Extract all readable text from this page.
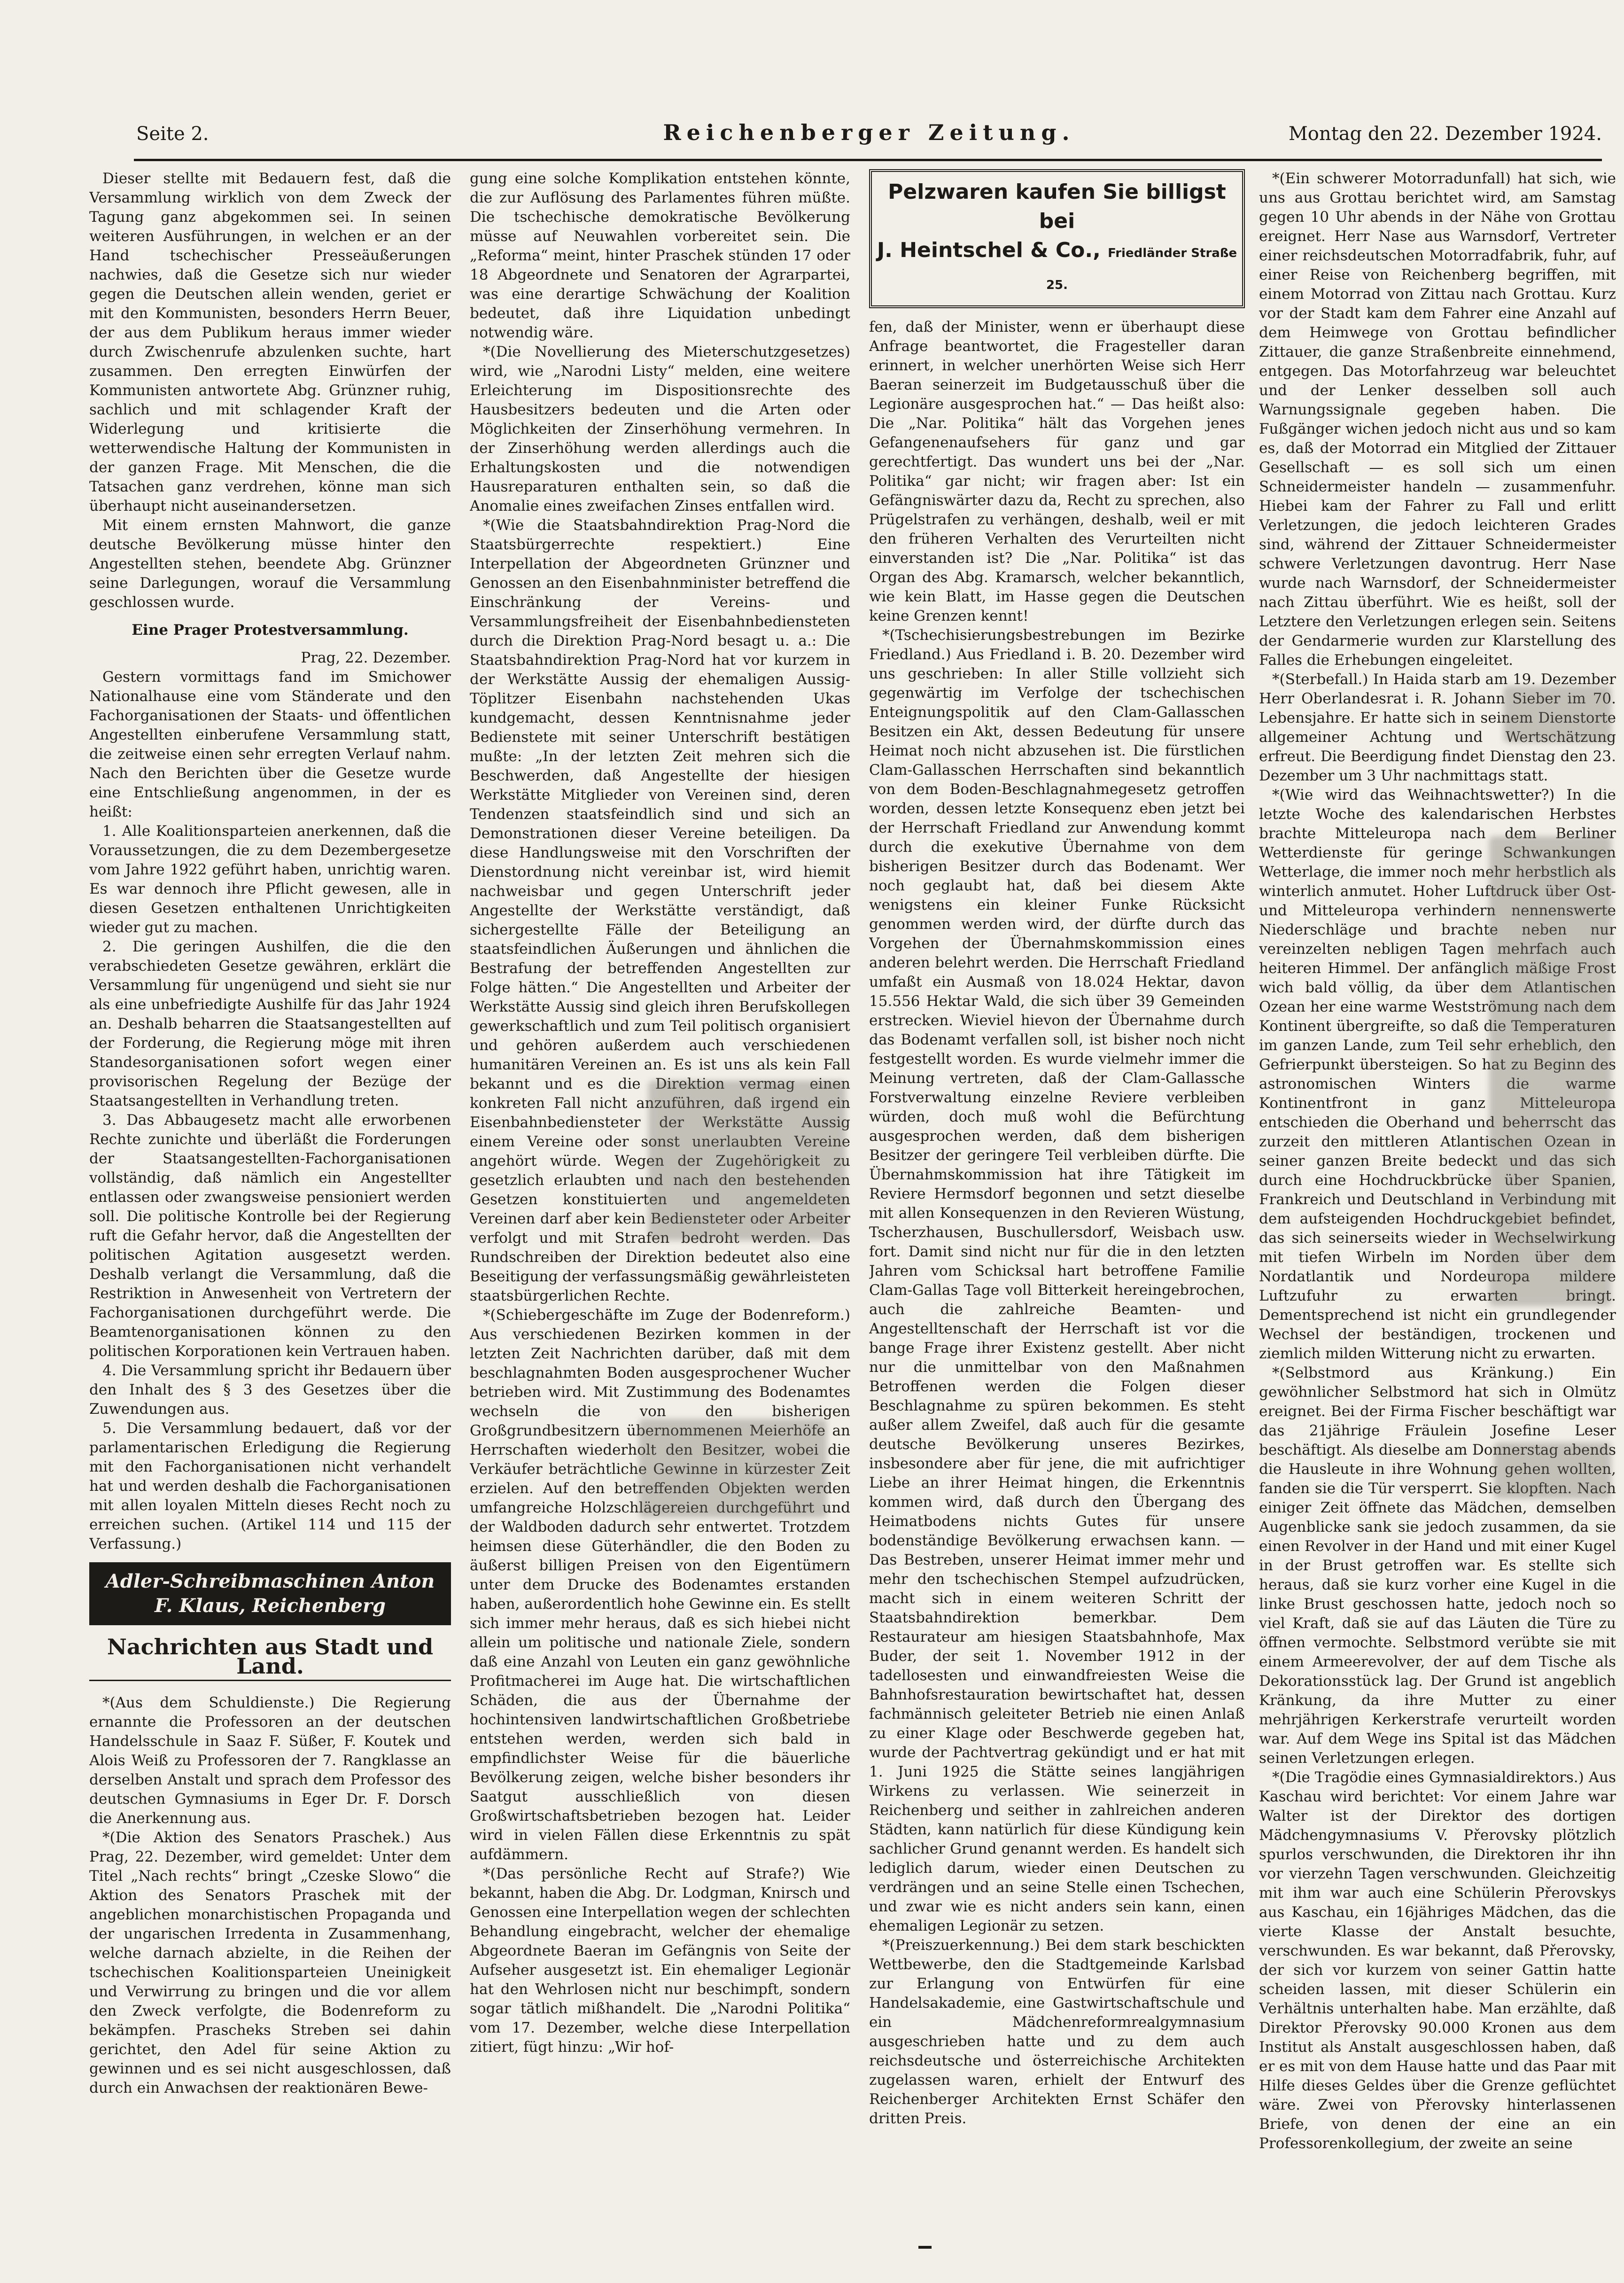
Seite 2.	Reichenberger Zeitung.	Montag den 22. Dezember 1924.

Dieser stellte mit Bedauern fest, daß die Versammlung wirklich von dem Zweck der Tagung ganz abgekommen sei. In seinen weiteren Ausführungen, in welchen er an der Hand tschechischer Presseäußerungen nachwies, daß die Gesetze sich nur wieder gegen die Deutschen allein wenden, geriet er mit den Kommunisten, besonders Herrn Beuer, der aus dem Publikum heraus immer wieder durch Zwischenrufe abzulenken suchte, hart zusammen. Den erregten Einwürfen der Kommunisten antwortete Abg. Grünzner ruhig, sachlich und mit schlagender Kraft der Widerlegung und kritisierte die wetterwendische Haltung der Kommunisten in der ganzen Frage. Mit Menschen, die die Tatsachen ganz verdrehen, könne man sich überhaupt nicht auseinandersetzen.

Mit einem ernsten Mahnwort, die ganze deutsche Bevölkerung müsse hinter den Angestellten stehen, beendete Abg. Grünzner seine Darlegungen, worauf die Versammlung geschlossen wurde.

Eine Prager Protestversammlung.

Prag, 22. Dezember.

Gestern vormittags fand im Smichower Nationalhause eine vom Ständerate und den Fachorganisationen der Staats- und öffentlichen Angestellten einberufene Versammlung statt, die zeitweise einen sehr erregten Verlauf nahm. Nach den Berichten über die Gesetze wurde eine Entschließung angenommen, in der es heißt:

1. Alle Koalitionsparteien anerkennen, daß die Voraussetzungen, die zu dem Dezembergesetze vom Jahre 1922 geführt haben, unrichtig waren. Es war dennoch ihre Pflicht gewesen, alle in diesen Gesetzen enthaltenen Unrichtigkeiten wieder gut zu machen.

2. Die geringen Aushilfen, die die den verabschiedeten Gesetze gewähren, erklärt die Versammlung für ungenügend und sieht sie nur als eine unbefriedigte Aushilfe für das Jahr 1924 an. Deshalb beharren die Staatsangestellten auf der Forderung, die Regierung möge mit ihren Standesorganisationen sofort wegen einer provisorischen Regelung der Bezüge der Staatsangestellten in Verhandlung treten.

3. Das Abbaugesetz macht alle erworbenen Rechte zunichte und überläßt die Forderungen der Staatsangestellten-Fachorganisationen vollständig, daß nämlich ein Angestellter entlassen oder zwangsweise pensioniert werden soll. Die politische Kontrolle bei der Regierung ruft die Gefahr hervor, daß die Angestellten der politischen Agitation ausgesetzt werden. Deshalb verlangt die Versammlung, daß die Restriktion in Anwesenheit von Vertretern der Fachorganisationen durchgeführt werde. Die Beamtenorganisationen können zu den politischen Korporationen kein Vertrauen haben.

4. Die Versammlung spricht ihr Bedauern über den Inhalt des § 3 des Gesetzes über die Zuwendungen aus.

5. Die Versammlung bedauert, daß vor der parlamentarischen Erledigung die Regierung mit den Fachorganisationen nicht verhandelt hat und werden deshalb die Fachorganisationen mit allen loyalen Mitteln dieses Recht noch zu erreichen suchen. (Artikel 114 und 115 der Verfassung.)

Adler-Schreibmaschinen Anton F. Klaus, Reichenberg
Nachrichten aus Stadt und Land.

*(Aus dem Schuldienste.) Die Regierung ernannte die Professoren an der deutschen Handelsschule in Saaz F. Süßer, F. Koutek und Alois Weiß zu Professoren der 7. Rangklasse an derselben Anstalt und sprach dem Professor des deutschen Gymnasiums in Eger Dr. F. Dorsch die Anerkennung aus.

*(Die Aktion des Senators Praschek.) Aus Prag, 22. Dezember, wird gemeldet: Unter dem Titel „Nach rechts“ bringt „Czeske Slowo“ die Aktion des Senators Praschek mit der angeblichen monarchistischen Propaganda und der ungarischen Irredenta in Zusammenhang, welche darnach abzielte, in die Reihen der tschechischen Koalitionsparteien Uneinigkeit und Verwirrung zu bringen und die vor allem den Zweck verfolgte, die Bodenreform zu bekämpfen. Prascheks Streben sei dahin gerichtet, den Adel für seine Aktion zu gewinnen und es sei nicht ausgeschlossen, daß durch ein Anwachsen der reaktionären Bewe-

gung eine solche Komplikation entstehen könnte, die zur Auflösung des Parlamentes führen müßte. Die tschechische demokratische Bevölkerung müsse auf Neuwahlen vorbereitet sein. Die „Reforma“ meint, hinter Praschek stünden 17 oder 18 Abgeordnete und Senatoren der Agrarpartei, was eine derartige Schwächung der Koalition bedeutet, daß ihre Liquidation unbedingt notwendig wäre.

*(Die Novellierung des Mieterschutzgesetzes) wird, wie „Narodni Listy“ melden, eine weitere Erleichterung im Dispositionsrechte des Hausbesitzers bedeuten und die Arten oder Möglichkeiten der Zinserhöhung vermehren. In der Zinserhöhung werden allerdings auch die Erhaltungskosten und die notwendigen Hausreparaturen enthalten sein, so daß die Anomalie eines zweifachen Zinses entfallen wird.

*(Wie die Staatsbahndirektion Prag-Nord die Staatsbürgerrechte respektiert.) Eine Interpellation der Abgeordneten Grünzner und Genossen an den Eisenbahnminister betreffend die Einschränkung der Vereins- und Versammlungsfreiheit der Eisenbahnbediensteten durch die Direktion Prag-Nord besagt u. a.: Die Staatsbahndirektion Prag-Nord hat vor kurzem in der Werkstätte Aussig der ehemaligen Aussig-Töplitzer Eisenbahn nachstehenden Ukas kundgemacht, dessen Kenntnisnahme jeder Bedienstete mit seiner Unterschrift bestätigen mußte: „In der letzten Zeit mehren sich die Beschwerden, daß Angestellte der hiesigen Werkstätte Mitglieder von Vereinen sind, deren Tendenzen staatsfeindlich sind und sich an Demonstrationen dieser Vereine beteiligen. Da diese Handlungsweise mit den Vorschriften der Dienstordnung nicht vereinbar ist, wird hiemit nachweisbar und gegen Unterschrift jeder Angestellte der Werkstätte verständigt, daß sichergestellte Fälle der Beteiligung an staatsfeindlichen Äußerungen und ähnlichen die Bestrafung der betreffenden Angestellten zur Folge hätten.“ Die Angestellten und Arbeiter der Werkstätte Aussig sind gleich ihren Berufskollegen gewerkschaftlich und zum Teil politisch organisiert und gehören außerdem auch verschiedenen humanitären Vereinen an. Es ist uns als kein Fall bekannt und es die Direktion vermag einen konkreten Fall nicht anzuführen, daß irgend ein Eisenbahnbediensteter der Werkstätte Aussig einem Vereine oder sonst unerlaubten Vereine angehört würde. Wegen der Zugehörigkeit zu gesetzlich erlaubten und nach den bestehenden Gesetzen konstituierten und angemeldeten Vereinen darf aber kein Bediensteter oder Arbeiter verfolgt und mit Strafen bedroht werden. Das Rundschreiben der Direktion bedeutet also eine Beseitigung der verfassungsmäßig gewährleisteten staatsbürgerlichen Rechte.

*(Schiebergeschäfte im Zuge der Bodenreform.) Aus verschiedenen Bezirken kommen in der letzten Zeit Nachrichten darüber, daß mit dem beschlagnahmten Boden ausgesprochener Wucher betrieben wird. Mit Zustimmung des Bodenamtes wechseln die von den bisherigen Großgrundbesitzern übernommenen Meierhöfe an Herrschaften wiederholt den Besitzer, wobei die Verkäufer beträchtliche Gewinne in kürzester Zeit erzielen. Auf den betreffenden Objekten werden umfangreiche Holzschlägereien durchgeführt und der Waldboden dadurch sehr entwertet. Trotzdem heimsen diese Güterhändler, die den Boden zu äußerst billigen Preisen von den Eigentümern unter dem Drucke des Bodenamtes erstanden haben, außerordentlich hohe Gewinne ein. Es stellt sich immer mehr heraus, daß es sich hiebei nicht allein um politische und nationale Ziele, sondern daß eine Anzahl von Leuten ein ganz gewöhnliche Profitmacherei im Auge hat. Die wirtschaftlichen Schäden, die aus der Übernahme der hochintensiven landwirtschaftlichen Großbetriebe entstehen werden, werden sich bald in empfindlichster Weise für die bäuerliche Bevölkerung zeigen, welche bisher besonders ihr Saatgut ausschließlich von diesen Großwirtschaftsbetrieben bezogen hat. Leider wird in vielen Fällen diese Erkenntnis zu spät aufdämmern.

*(Das persönliche Recht auf Strafe?) Wie bekannt, haben die Abg. Dr. Lodgman, Knirsch und Genossen eine Interpellation wegen der schlechten Behandlung eingebracht, welcher der ehemalige Abgeordnete Baeran im Gefängnis von Seite der Aufseher ausgesetzt ist. Ein ehemaliger Legionär hat den Wehrlosen nicht nur beschimpft, sondern sogar tätlich mißhandelt. Die „Narodni Politika“ vom 17. Dezember, welche diese Interpellation zitiert, fügt hinzu: „Wir hof-

Pelzwaren kaufen Sie billigst bei
J. Heintschel & Co., Friedländer Straße 25.

fen, daß der Minister, wenn er überhaupt diese Anfrage beantwortet, die Fragesteller daran erinnert, in welcher unerhörten Weise sich Herr Baeran seinerzeit im Budgetausschuß über die Legionäre ausgesprochen hat.“ — Das heißt also: Die „Nar. Politika“ hält das Vorgehen jenes Gefangenenaufsehers für ganz und gar gerechtfertigt. Das wundert uns bei der „Nar. Politika“ gar nicht; wir fragen aber: Ist ein Gefängniswärter dazu da, Recht zu sprechen, also Prügelstrafen zu verhängen, deshalb, weil er mit den früheren Verhalten des Verurteilten nicht einverstanden ist? Die „Nar. Politika“ ist das Organ des Abg. Kramarsch, welcher bekanntlich, wie kein Blatt, im Hasse gegen die Deutschen keine Grenzen kennt!

*(Tschechisierungsbestrebungen im Bezirke Friedland.) Aus Friedland i. B. 20. Dezember wird uns geschrieben: In aller Stille vollzieht sich gegenwärtig im Verfolge der tschechischen Enteignungspolitik auf den Clam-Gallasschen Besitzen ein Akt, dessen Bedeutung für unsere Heimat noch nicht abzusehen ist. Die fürstlichen Clam-Gallasschen Herrschaften sind bekanntlich von dem Boden-Beschlagnahmegesetz getroffen worden, dessen letzte Konsequenz eben jetzt bei der Herrschaft Friedland zur Anwendung kommt durch die exekutive Übernahme von dem bisherigen Besitzer durch das Bodenamt. Wer noch geglaubt hat, daß bei diesem Akte wenigstens ein kleiner Funke Rücksicht genommen werden wird, der dürfte durch das Vorgehen der Übernahmskommission eines anderen belehrt werden. Die Herrschaft Friedland umfaßt ein Ausmaß von 18.024 Hektar, davon 15.556 Hektar Wald, die sich über 39 Gemeinden erstrecken. Wieviel hievon der Übernahme durch das Bodenamt verfallen soll, ist bisher noch nicht festgestellt worden. Es wurde vielmehr immer die Meinung vertreten, daß der Clam-Gallassche Forstverwaltung einzelne Reviere verbleiben würden, doch muß wohl die Befürchtung ausgesprochen werden, daß dem bisherigen Besitzer der geringere Teil verbleiben dürfte. Die Übernahmskommission hat ihre Tätigkeit im Reviere Hermsdorf begonnen und setzt dieselbe mit allen Konsequenzen in den Revieren Wüstung, Tscherzhausen, Buschullersdorf, Weisbach usw. fort. Damit sind nicht nur für die in den letzten Jahren vom Schicksal hart betroffene Familie Clam-Gallas Tage voll Bitterkeit hereingebrochen, auch die zahlreiche Beamten- und Angestelltenschaft der Herrschaft ist vor die bange Frage ihrer Existenz gestellt. Aber nicht nur die unmittelbar von den Maßnahmen Betroffenen werden die Folgen dieser Beschlagnahme zu spüren bekommen. Es steht außer allem Zweifel, daß auch für die gesamte deutsche Bevölkerung unseres Bezirkes, insbesondere aber für jene, die mit aufrichtiger Liebe an ihrer Heimat hingen, die Erkenntnis kommen wird, daß durch den Übergang des Heimatbodens nichts Gutes für unsere bodenständige Bevölkerung erwachsen kann. — Das Bestreben, unserer Heimat immer mehr und mehr den tschechischen Stempel aufzudrücken, macht sich in einem weiteren Schritt der Staatsbahndirektion bemerkbar. Dem Restaurateur am hiesigen Staatsbahnhofe, Max Buder, der seit 1. November 1912 in der tadellosesten und einwandfreiesten Weise die Bahnhofsrestauration bewirtschaftet hat, dessen fachmännisch geleiteter Betrieb nie einen Anlaß zu einer Klage oder Beschwerde gegeben hat, wurde der Pachtvertrag gekündigt und er hat mit 1. Juni 1925 die Stätte seines langjährigen Wirkens zu verlassen. Wie seinerzeit in Reichenberg und seither in zahlreichen anderen Städten, kann natürlich für diese Kündigung kein sachlicher Grund genannt werden. Es handelt sich lediglich darum, wieder einen Deutschen zu verdrängen und an seine Stelle einen Tschechen, und zwar wie es nicht anders sein kann, einen ehemaligen Legionär zu setzen.

*(Preiszuerkennung.) Bei dem stark beschickten Wettbewerbe, den die Stadtgemeinde Karlsbad zur Erlangung von Entwürfen für eine Handelsakademie, eine Gastwirtschaftschule und ein Mädchenreformrealgymnasium ausgeschrieben hatte und zu dem auch reichsdeutsche und österreichische Architekten zugelassen waren, erhielt der Entwurf des Reichenberger Architekten Ernst Schäfer den dritten Preis.

*(Ein schwerer Motorradunfall) hat sich, wie uns aus Grottau berichtet wird, am Samstag gegen 10 Uhr abends in der Nähe von Grottau ereignet. Herr Nase aus Warnsdorf, Vertreter einer reichsdeutschen Motorradfabrik, fuhr, auf einer Reise von Reichenberg begriffen, mit einem Motorrad von Zittau nach Grottau. Kurz vor der Stadt kam dem Fahrer eine Anzahl auf dem Heimwege von Grottau befindlicher Zittauer, die ganze Straßenbreite einnehmend, entgegen. Das Motorfahrzeug war beleuchtet und der Lenker desselben soll auch Warnungssignale gegeben haben. Die Fußgänger wichen jedoch nicht aus und so kam es, daß der Motorrad ein Mitglied der Zittauer Gesellschaft — es soll sich um einen Schneidermeister handeln — zusammenfuhr. Hiebei kam der Fahrer zu Fall und erlitt Verletzungen, die jedoch leichteren Grades sind, während der Zittauer Schneidermeister schwere Verletzungen davontrug. Herr Nase wurde nach Warnsdorf, der Schneidermeister nach Zittau überführt. Wie es heißt, soll der Letztere den Verletzungen erlegen sein. Seitens der Gendarmerie wurden zur Klarstellung des Falles die Erhebungen eingeleitet.

*(Sterbefall.) In Haida starb am 19. Dezember Herr Oberlandesrat i. R. Johann Sieber im 70. Lebensjahre. Er hatte sich in seinem Dienstorte allgemeiner Achtung und Wertschätzung erfreut. Die Beerdigung findet Dienstag den 23. Dezember um 3 Uhr nachmittags statt.

*(Wie wird das Weihnachtswetter?) In die letzte Woche des kalendarischen Herbstes brachte Mitteleuropa nach dem Berliner Wetterdienste für geringe Schwankungen Wetterlage, die immer noch mehr herbstlich als winterlich anmutet. Hoher Luftdruck über Ost- und Mitteleuropa verhindern nennenswerte Niederschläge und brachte neben nur vereinzelten nebligen Tagen mehrfach auch heiteren Himmel. Der anfänglich mäßige Frost wich bald völlig, da über dem Atlantischen Ozean her eine warme Westströmung nach dem Kontinent übergreifte, so daß die Temperaturen im ganzen Lande, zum Teil sehr erheblich, den Gefrierpunkt übersteigen. So hat zu Beginn des astronomischen Winters die warme Kontinentfront in ganz Mitteleuropa entschieden die Oberhand und beherrscht das zurzeit den mittleren Atlantischen Ozean in seiner ganzen Breite bedeckt und das sich durch eine Hochdruckbrücke über Spanien, Frankreich und Deutschland in Verbindung mit dem aufsteigenden Hochdruckgebiet befindet, das sich seinerseits wieder in Wechselwirkung mit tiefen Wirbeln im Norden über dem Nordatlantik und Nordeuropa mildere Luftzufuhr zu erwarten bringt. Dementsprechend ist nicht ein grundlegender Wechsel der beständigen, trockenen und ziemlich milden Witterung nicht zu erwarten.

*(Selbstmord aus Kränkung.) Ein gewöhnlicher Selbstmord hat sich in Olmütz ereignet. Bei der Firma Fischer beschäftigt war das 21jährige Fräulein Josefine Leser beschäftigt. Als dieselbe am Donnerstag abends die Hausleute in ihre Wohnung gehen wollten, fanden sie die Tür versperrt. Sie klopften. Nach einiger Zeit öffnete das Mädchen, demselben Augenblicke sank sie jedoch zusammen, da sie einen Revolver in der Hand und mit einer Kugel in der Brust getroffen war. Es stellte sich heraus, daß sie kurz vorher eine Kugel in die linke Brust geschossen hatte, jedoch noch so viel Kraft, daß sie auf das Läuten die Türe zu öffnen vermochte. Selbstmord verübte sie mit einem Armeerevolver, der auf dem Tische als Dekorationsstück lag. Der Grund ist angeblich Kränkung, da ihre Mutter zu einer mehrjährigen Kerkerstrafe verurteilt worden war. Auf dem Wege ins Spital ist das Mädchen seinen Verletzungen erlegen.

*(Die Tragödie eines Gymnasialdirektors.) Aus Kaschau wird berichtet: Vor einem Jahre war Walter ist der Direktor des dortigen Mädchengymnasiums V. Přerovsky plötzlich spurlos verschwunden, die Direktoren ihr ihn vor vierzehn Tagen verschwunden. Gleichzeitig mit ihm war auch eine Schülerin Přerovskys aus Kaschau, ein 16jähriges Mädchen, das die vierte Klasse der Anstalt besuchte, verschwunden. Es war bekannt, daß Přerovsky, der sich vor kurzem von seiner Gattin hatte scheiden lassen, mit dieser Schülerin ein Verhältnis unterhalten habe. Man erzählte, daß Direktor Přerovsky 90.000 Kronen aus dem Institut als Anstalt ausgeschlossen haben, daß er es mit von dem Hause hatte und das Paar mit Hilfe dieses Geldes über die Grenze geflüchtet wäre. Zwei von Přerovsky hinterlassenen Briefe, von denen der eine an ein Professorenkollegium, der zweite an seine
